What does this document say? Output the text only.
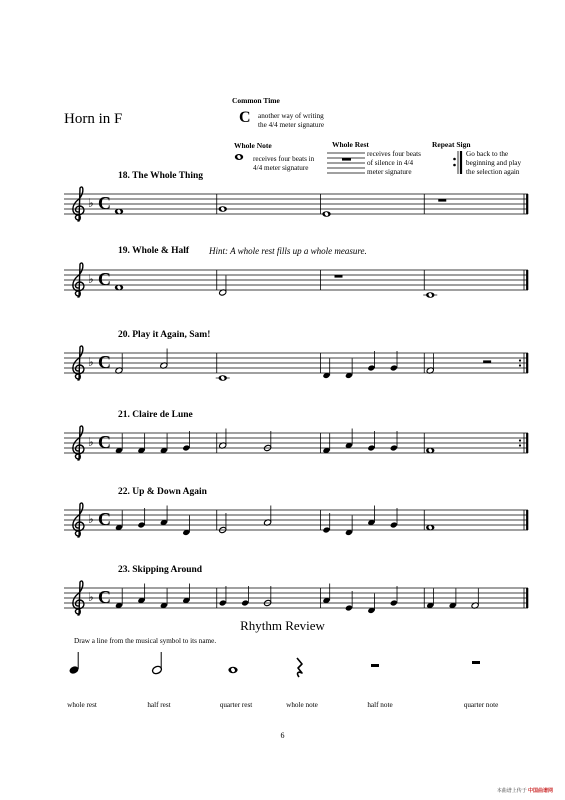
Horn in F
Common Time
C another way of writing
the 4/4 meter signature
Whole Note
receives four beats in
4/4 meter signature
Whole Rest
receives four beats
of silence in 4/4
meter signature
Repeat Sign
Go back to the
beginning and play
the selection again
18. The Whole Thing
19. Whole & Half Hint: A whole rest fills up a whole measure.
20. Play it Again, Sam!
21. Claire de Lune
22. Up & Down Again
23. Skipping Around
♭ C
♭ C
♭ C
♭ C
♭ C
♭ C
Rhythm Review
Draw a line from the musical symbol to its name.
whole rest	half rest	quarter rest	whole note	half note	quarter note
6
本曲谱上传于 中国曲谱网
